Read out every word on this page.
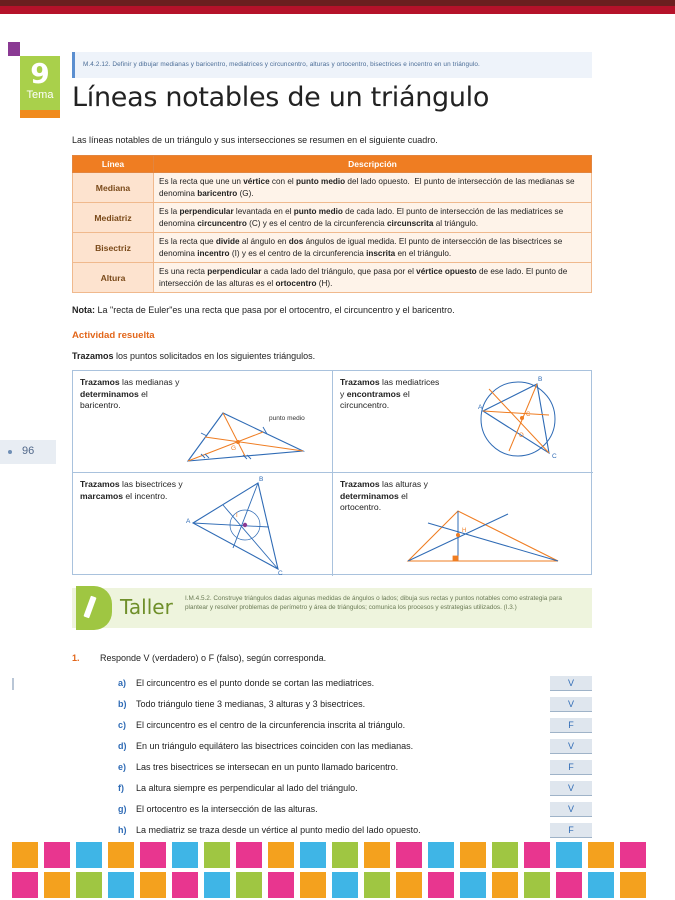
9
Tema
M.4.2.12. Definir y dibujar medianas y baricentro, mediatrices y circuncentro, alturas y ortocentro, bisectrices e incentro en un triángulo.
Líneas notables de un triángulo
Las líneas notables de un triángulo y sus intersecciones se resumen en el siguiente cuadro.
Línea	Descripción
Mediana	Es la recta que une un vértice con el punto medio del lado opuesto.  El punto de intersección de las medianas se denomina baricentro (G).
Mediatriz	Es la perpendicular levantada en el punto medio de cada lado. El punto de intersección de las mediatrices se denomina circuncentro (C) y es el centro de la circunferencia circunscrita al triángulo.
Bisectriz	Es la recta que divide al ángulo en dos ángulos de igual medida. El punto de intersección de las bisectrices se denomina incentro (I) y es el centro de la circunferencia inscrita en el triángulo.
Altura	Es una recta perpendicular a cada lado del triángulo, que pasa por el vértice opuesto de ese lado. El punto de intersección de las alturas es el ortocentro (H).
Nota: La "recta de Euler"es una recta que pasa por el ortocentro, el circuncentro y el baricentro.
Actividad resuelta
Trazamos los puntos solicitados en los siguientes triángulos.
Trazamos las medianas y determinamos el baricentro.
G
punto medio
Trazamos las mediatrices y encontramos el circuncentro.	A
B
C
C
O
Trazamos las bisectrices y marcamos el incentro.
A
B
C
I
Trazamos las alturas y determinamos el ortocentro.
H
96
Taller I.M.4.5.2. Construye triángulos dadas algunas medidas de ángulos o lados; dibuja sus rectas y puntos notables como estrategia para plantear y resolver problemas de perímetro y área de triángulos; comunica los procesos y estrategias utilizados. (I.3.)
1. Responde V (verdadero) o F (falso), según corresponda.
a)	El circuncentro es el punto donde se cortan las mediatrices.	V
b)	Todo triángulo tiene 3 medianas, 3 alturas y 3 bisectrices.	V
c)	El circuncentro es el centro de la circunferencia inscrita al triángulo.	F
d)	En un triángulo equilátero las bisectrices coinciden con las medianas.	V
e)	Las tres bisectrices se intersecan en un punto llamado baricentro.	F
f)	La altura siempre es perpendicular al lado del triángulo.	V
g)	El ortocentro es la intersección de las alturas.	V
h)	La mediatriz se traza desde un vértice al punto medio del lado opuesto.	F
